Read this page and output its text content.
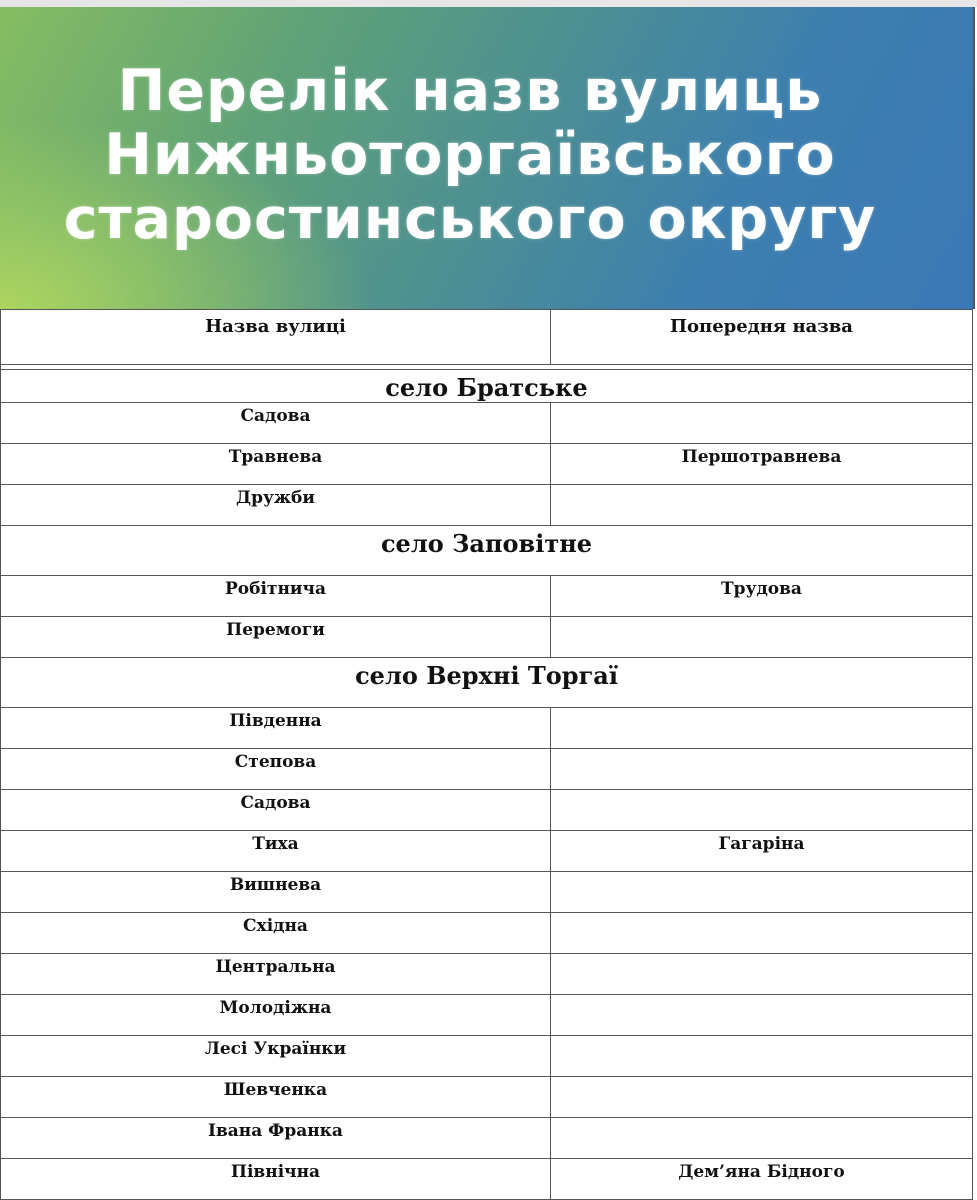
Перелік назв вулиць Нижньоторгаївського старостинського округу
Назва вулиці	Попередня назва

село Братське	
Садова	
Травнева	Першотравнева
Дружби	
село Заповітне	
Робітнича	Трудова
Перемоги	
село Верхні Торгаї	
Південна	
Степова	
Садова	
Тиха	Гагаріна
Вишнева	
Східна	
Центральна	
Молодіжна	
Лесі Українки	
Шевченка	
Івана Франка	
Північна	Дем’яна Бідного
